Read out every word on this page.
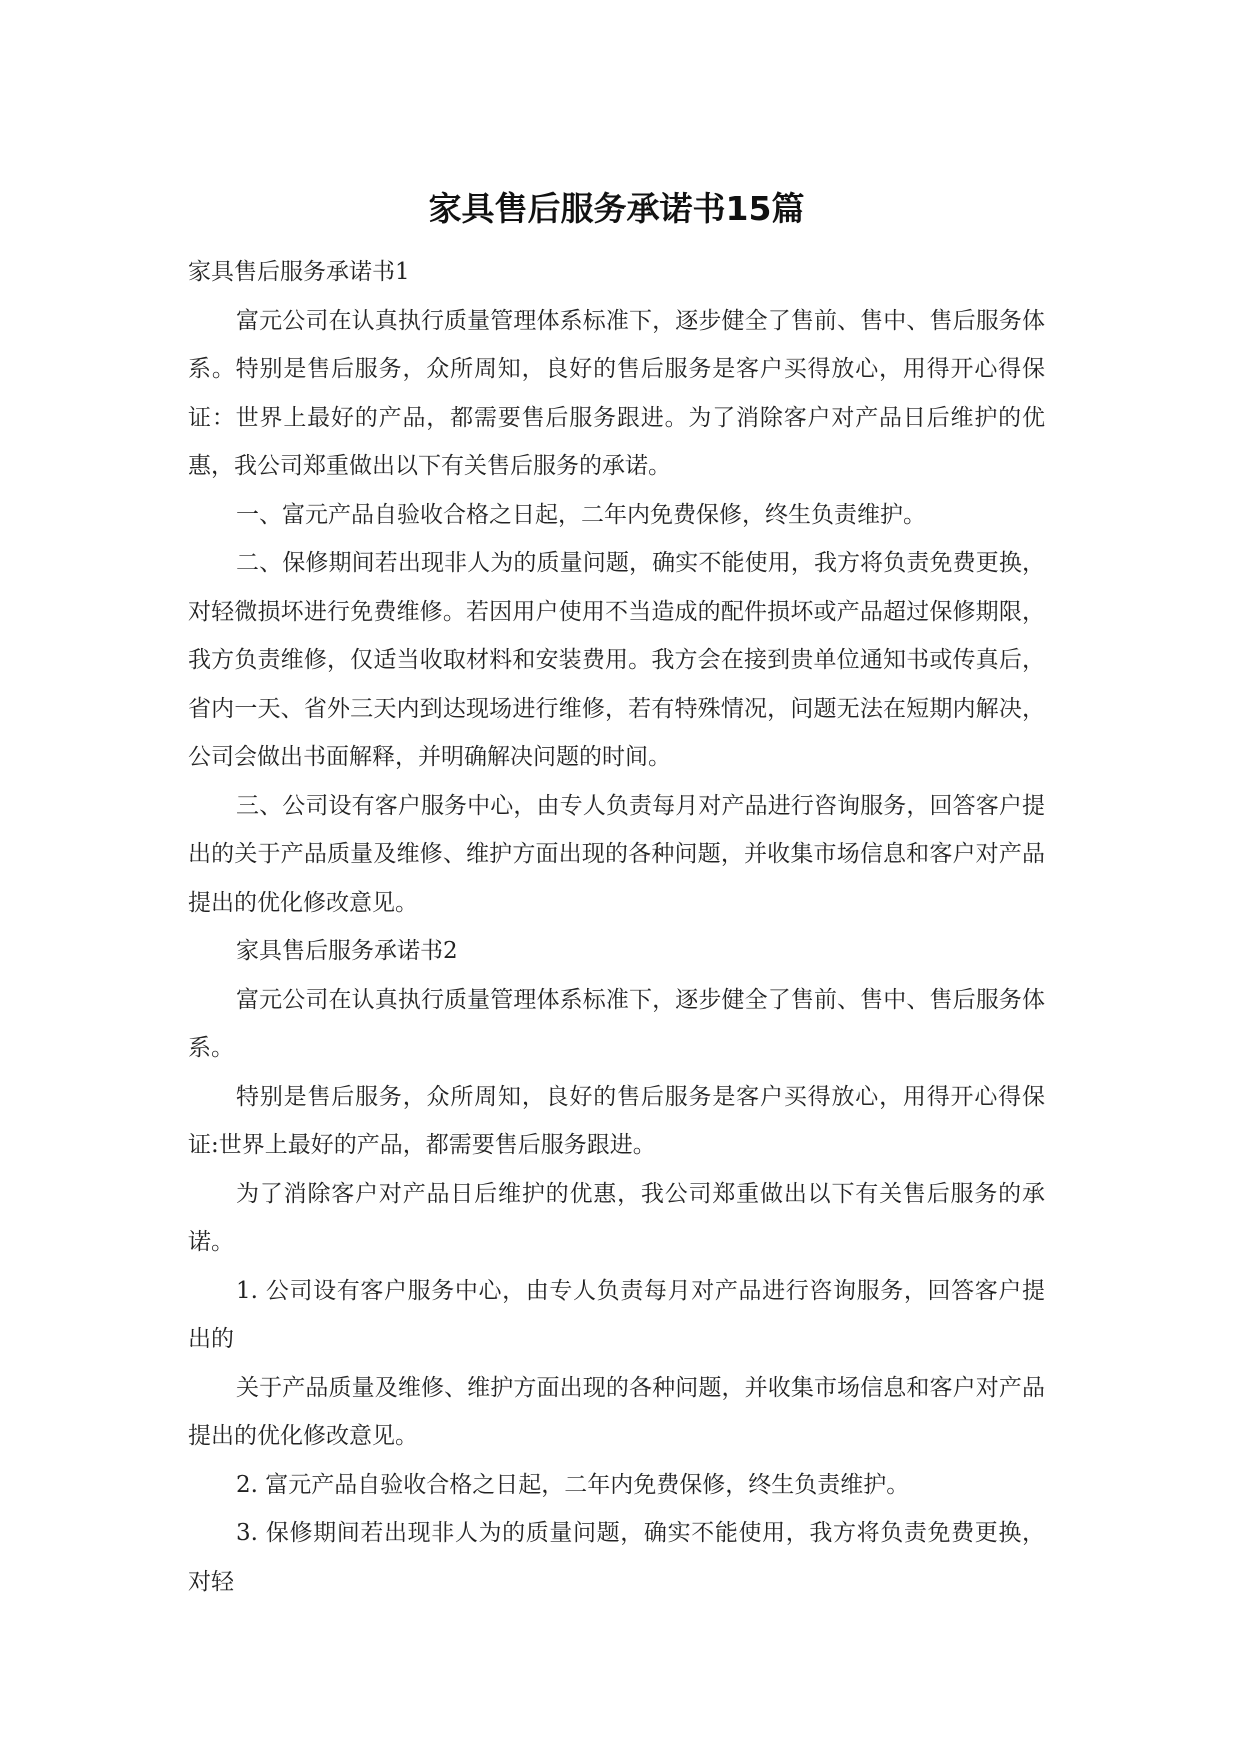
家具售后服务承诺书15篇

家具售后服务承诺书1

富元公司在认真执行质量管理体系标准下，逐步健全了售前、售中、售后服务体系。特别是售后服务，众所周知，良好的售后服务是客户买得放心，用得开心得保证：世界上最好的产品，都需要售后服务跟进。为了消除客户对产品日后维护的优惠，我公司郑重做出以下有关售后服务的承诺。

一、富元产品自验收合格之日起，二年内免费保修，终生负责维护。

二、保修期间若出现非人为的质量问题，确实不能使用，我方将负责免费更换，对轻微损坏进行免费维修。若因用户使用不当造成的配件损坏或产品超过保修期限，我方负责维修，仅适当收取材料和安装费用。我方会在接到贵单位通知书或传真后，省内一天、省外三天内到达现场进行维修，若有特殊情况，问题无法在短期内解决，公司会做出书面解释，并明确解决问题的时间。

三、公司设有客户服务中心，由专人负责每月对产品进行咨询服务，回答客户提出的关于产品质量及维修、维护方面出现的各种问题，并收集市场信息和客户对产品提出的优化修改意见。

家具售后服务承诺书2

富元公司在认真执行质量管理体系标准下，逐步健全了售前、售中、售后服务体系。

特别是售后服务，众所周知，良好的售后服务是客户买得放心，用得开心得保证:世界上最好的产品，都需要售后服务跟进。

为了消除客户对产品日后维护的优惠，我公司郑重做出以下有关售后服务的承诺。

1. 公司设有客户服务中心，由专人负责每月对产品进行咨询服务，回答客户提出的

关于产品质量及维修、维护方面出现的各种问题，并收集市场信息和客户对产品提出的优化修改意见。

2. 富元产品自验收合格之日起，二年内免费保修，终生负责维护。

3. 保修期间若出现非人为的质量问题，确实不能使用，我方将负责免费更换，对轻
